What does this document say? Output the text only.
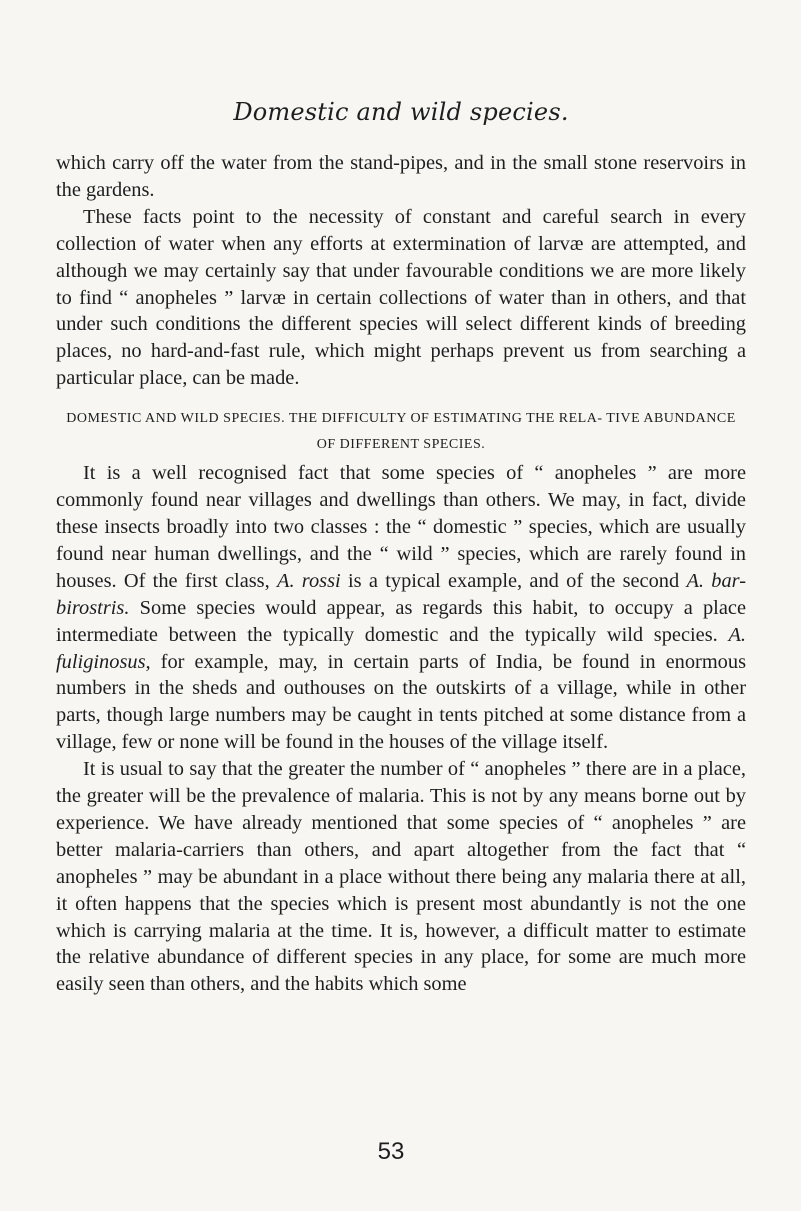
Domestic and wild species.

which carry off the water from the stand-pipes, and in the small stone reservoirs in the gardens.

These facts point to the necessity of constant and careful search in every collection of water when any efforts at extermination of larvæ are attempted, and although we may certainly say that under favourable conditions we are more likely to find “ anopheles ” larvæ in certain collections of water than in others, and that under such conditions the different species will select different kinds of breeding places, no hard-and-fast rule, which might perhaps prevent us from searching a particular place, can be made.

DOMESTIC AND WILD SPECIES. THE DIFFICULTY OF ESTIMATING THE RELA- TIVE ABUNDANCE OF DIFFERENT SPECIES.

It is a well recognised fact that some species of “ anopheles ” are more commonly found near villages and dwellings than others. We may, in fact, divide these insects broadly into two classes : the “ domestic ” species, which are usually found near human dwellings, and the “ wild ” species, which are rarely found in houses. Of the first class, A. rossi is a typical example, and of the second A. bar-birostris. Some species would appear, as regards this habit, to occupy a place intermediate between the typically domestic and the typically wild species. A. fuliginosus, for example, may, in certain parts of India, be found in enormous numbers in the sheds and outhouses on the outskirts of a village, while in other parts, though large numbers may be caught in tents pitched at some distance from a village, few or none will be found in the houses of the village itself.

It is usual to say that the greater the number of “ anopheles ” there are in a place, the greater will be the prevalence of malaria. This is not by any means borne out by experience. We have already mentioned that some species of “ anopheles ” are better malaria-carriers than others, and apart altogether from the fact that “ anopheles ” may be abundant in a place without there being any malaria there at all, it often happens that the species which is present most abundantly is not the one which is carrying malaria at the time. It is, however, a difficult matter to estimate the relative abundance of different species in any place, for some are much more easily seen than others, and the habits which some

53
